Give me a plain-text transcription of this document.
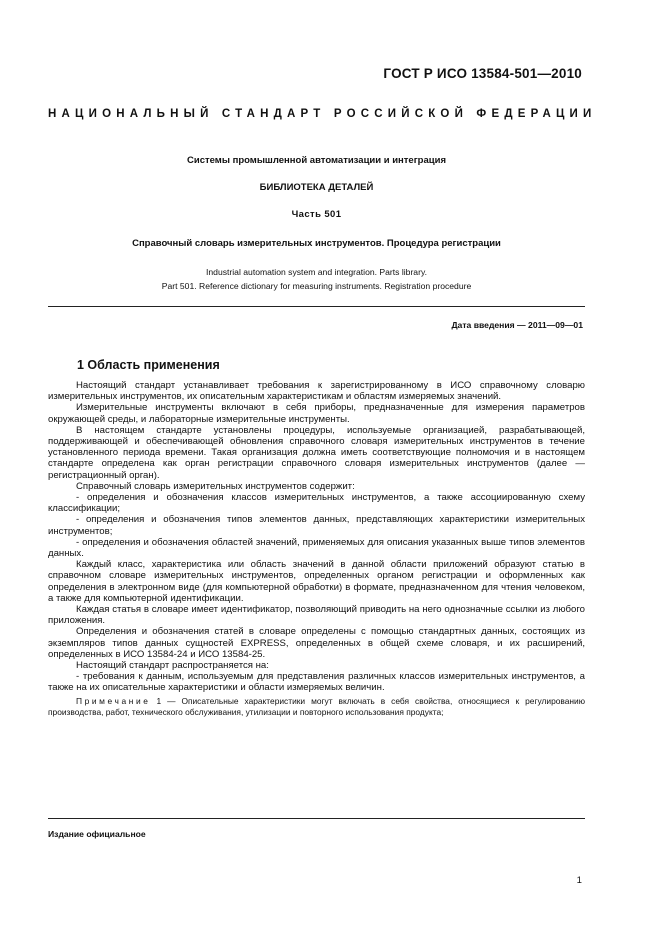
ГОСТ Р ИСО 13584-501—2010
НАЦИОНАЛЬНЫЙ СТАНДАРТ РОССИЙСКОЙ ФЕДЕРАЦИИ
Системы промышленной автоматизации и интеграция
БИБЛИОТЕКА ДЕТАЛЕЙ
Часть 501
Справочный словарь измерительных инструментов. Процедура регистрации
Industrial automation system and integration. Parts library.
Part 501. Reference dictionary for measuring instruments. Registration procedure
Дата введения — 2011—09—01
1 Область применения

Настоящий стандарт устанавливает требования к зарегистрированному в ИСО справочному словарю измерительных инструментов, их описательным характеристикам и областям измеряемых значений.

Измерительные инструменты включают в себя приборы, предназначенные для измерения параметров окружающей среды, и лабораторные измерительные инструменты.

В настоящем стандарте установлены процедуры, используемые организацией, разрабатывающей, поддерживающей и обеспечивающей обновления справочного словаря измерительных инструментов в течение установленного периода времени. Такая организация должна иметь соответствующие полномочия и в настоящем стандарте определена как орган регистрации справочного словаря измерительных инструментов (далее — регистрационный орган).

Справочный словарь измерительных инструментов содержит:

- определения и обозначения классов измерительных инструментов, а также ассоциированную схему классификации;

- определения и обозначения типов элементов данных, представляющих характеристики измерительных инструментов;

- определения и обозначения областей значений, применяемых для описания указанных выше типов элементов данных.

Каждый класс, характеристика или область значений в данной области приложений образуют статью в справочном словаре измерительных инструментов, определенных органом регистрации и оформленных как определения в электронном виде (для компьютерной обработки) в формате, предназначенном для чтения человеком, а также для компьютерной идентификации.

Каждая статья в словаре имеет идентификатор, позволяющий приводить на него однозначные ссылки из любого приложения.

Определения и обозначения статей в словаре определены с помощью стандартных данных, состоящих из экземпляров типов данных сущностей EXPRESS, определенных в общей схеме словаря, и их расширений, определенных в ИСО 13584-24 и ИСО 13584-25.

Настоящий стандарт распространяется на:

- требования к данным, используемым для представления различных классов измерительных инструментов, а также на их описательные характеристики и области измеряемых величин.

Примечание 1 — Описательные характеристики могут включать в себя свойства, относящиеся к регулированию производства, работ, технического обслуживания, утилизации и повторного использования продукта;
Издание официальное
1
